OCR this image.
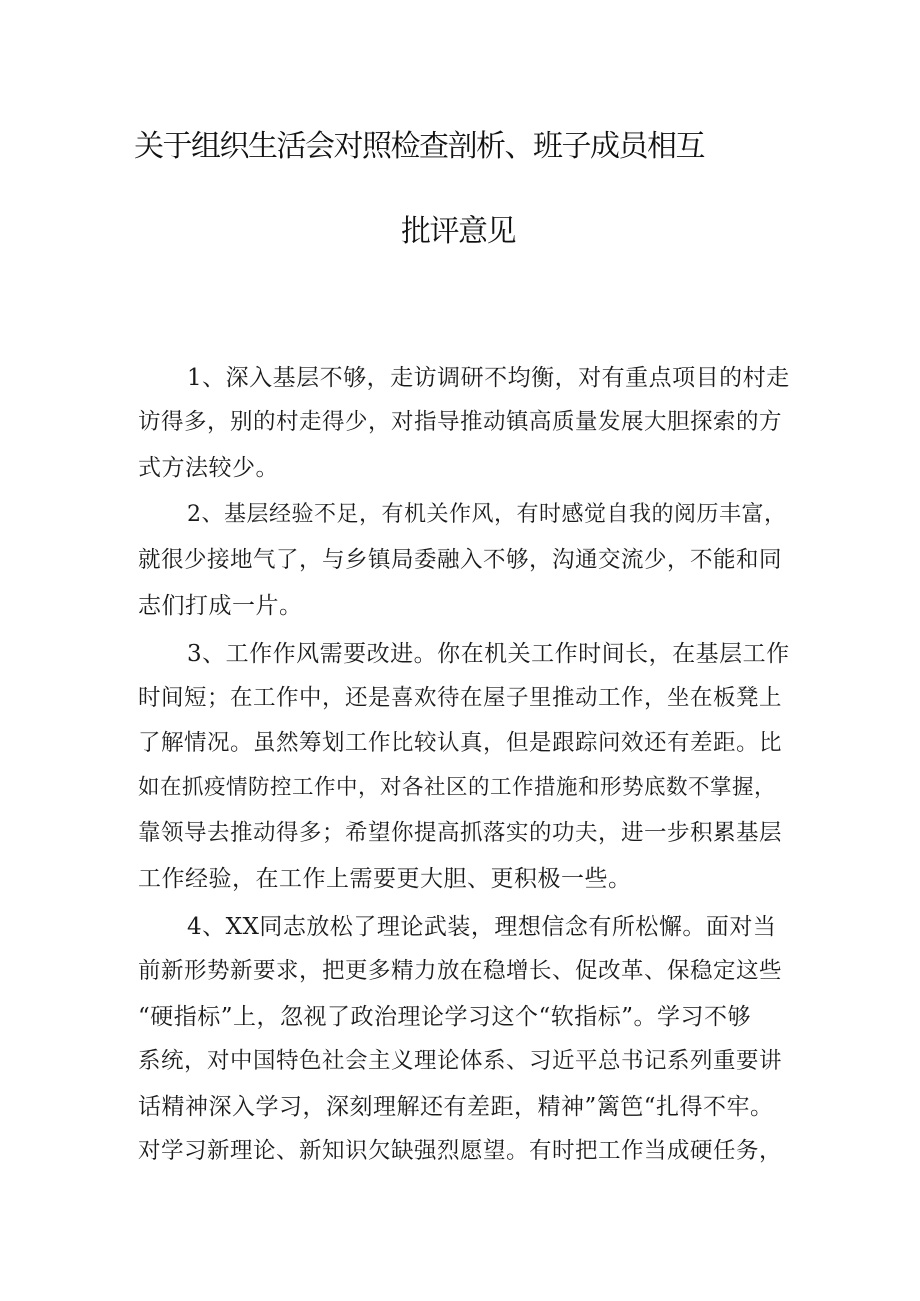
关于组织生活会对照检查剖析、班子成员相互
批评意见
1、深入基层不够，走访调研不均衡，对有重点项目的村走
访得多，别的村走得少，对指导推动镇高质量发展大胆探索的方
式方法较少。
2、基层经验不足，有机关作风，有时感觉自我的阅历丰富，
就很少接地气了，与乡镇局委融入不够，沟通交流少，不能和同
志们打成一片。
3、工作作风需要改进。你在机关工作时间长，在基层工作
时间短；在工作中，还是喜欢待在屋子里推动工作，坐在板凳上
了解情况。虽然筹划工作比较认真，但是跟踪问效还有差距。比
如在抓疫情防控工作中，对各社区的工作措施和形势底数不掌握，
靠领导去推动得多；希望你提高抓落实的功夫，进一步积累基层
工作经验，在工作上需要更大胆、更积极一些。
4、XX同志放松了理论武装，理想信念有所松懈。面对当
前新形势新要求，把更多精力放在稳增长、促改革、保稳定这些
“硬指标”上，忽视了政治理论学习这个“软指标”。学习不够
系统，对中国特色社会主义理论体系、习近平总书记系列重要讲
话精神深入学习，深刻理解还有差距，精神”篱笆“扎得不牢。
对学习新理论、新知识欠缺强烈愿望。有时把工作当成硬任务，
